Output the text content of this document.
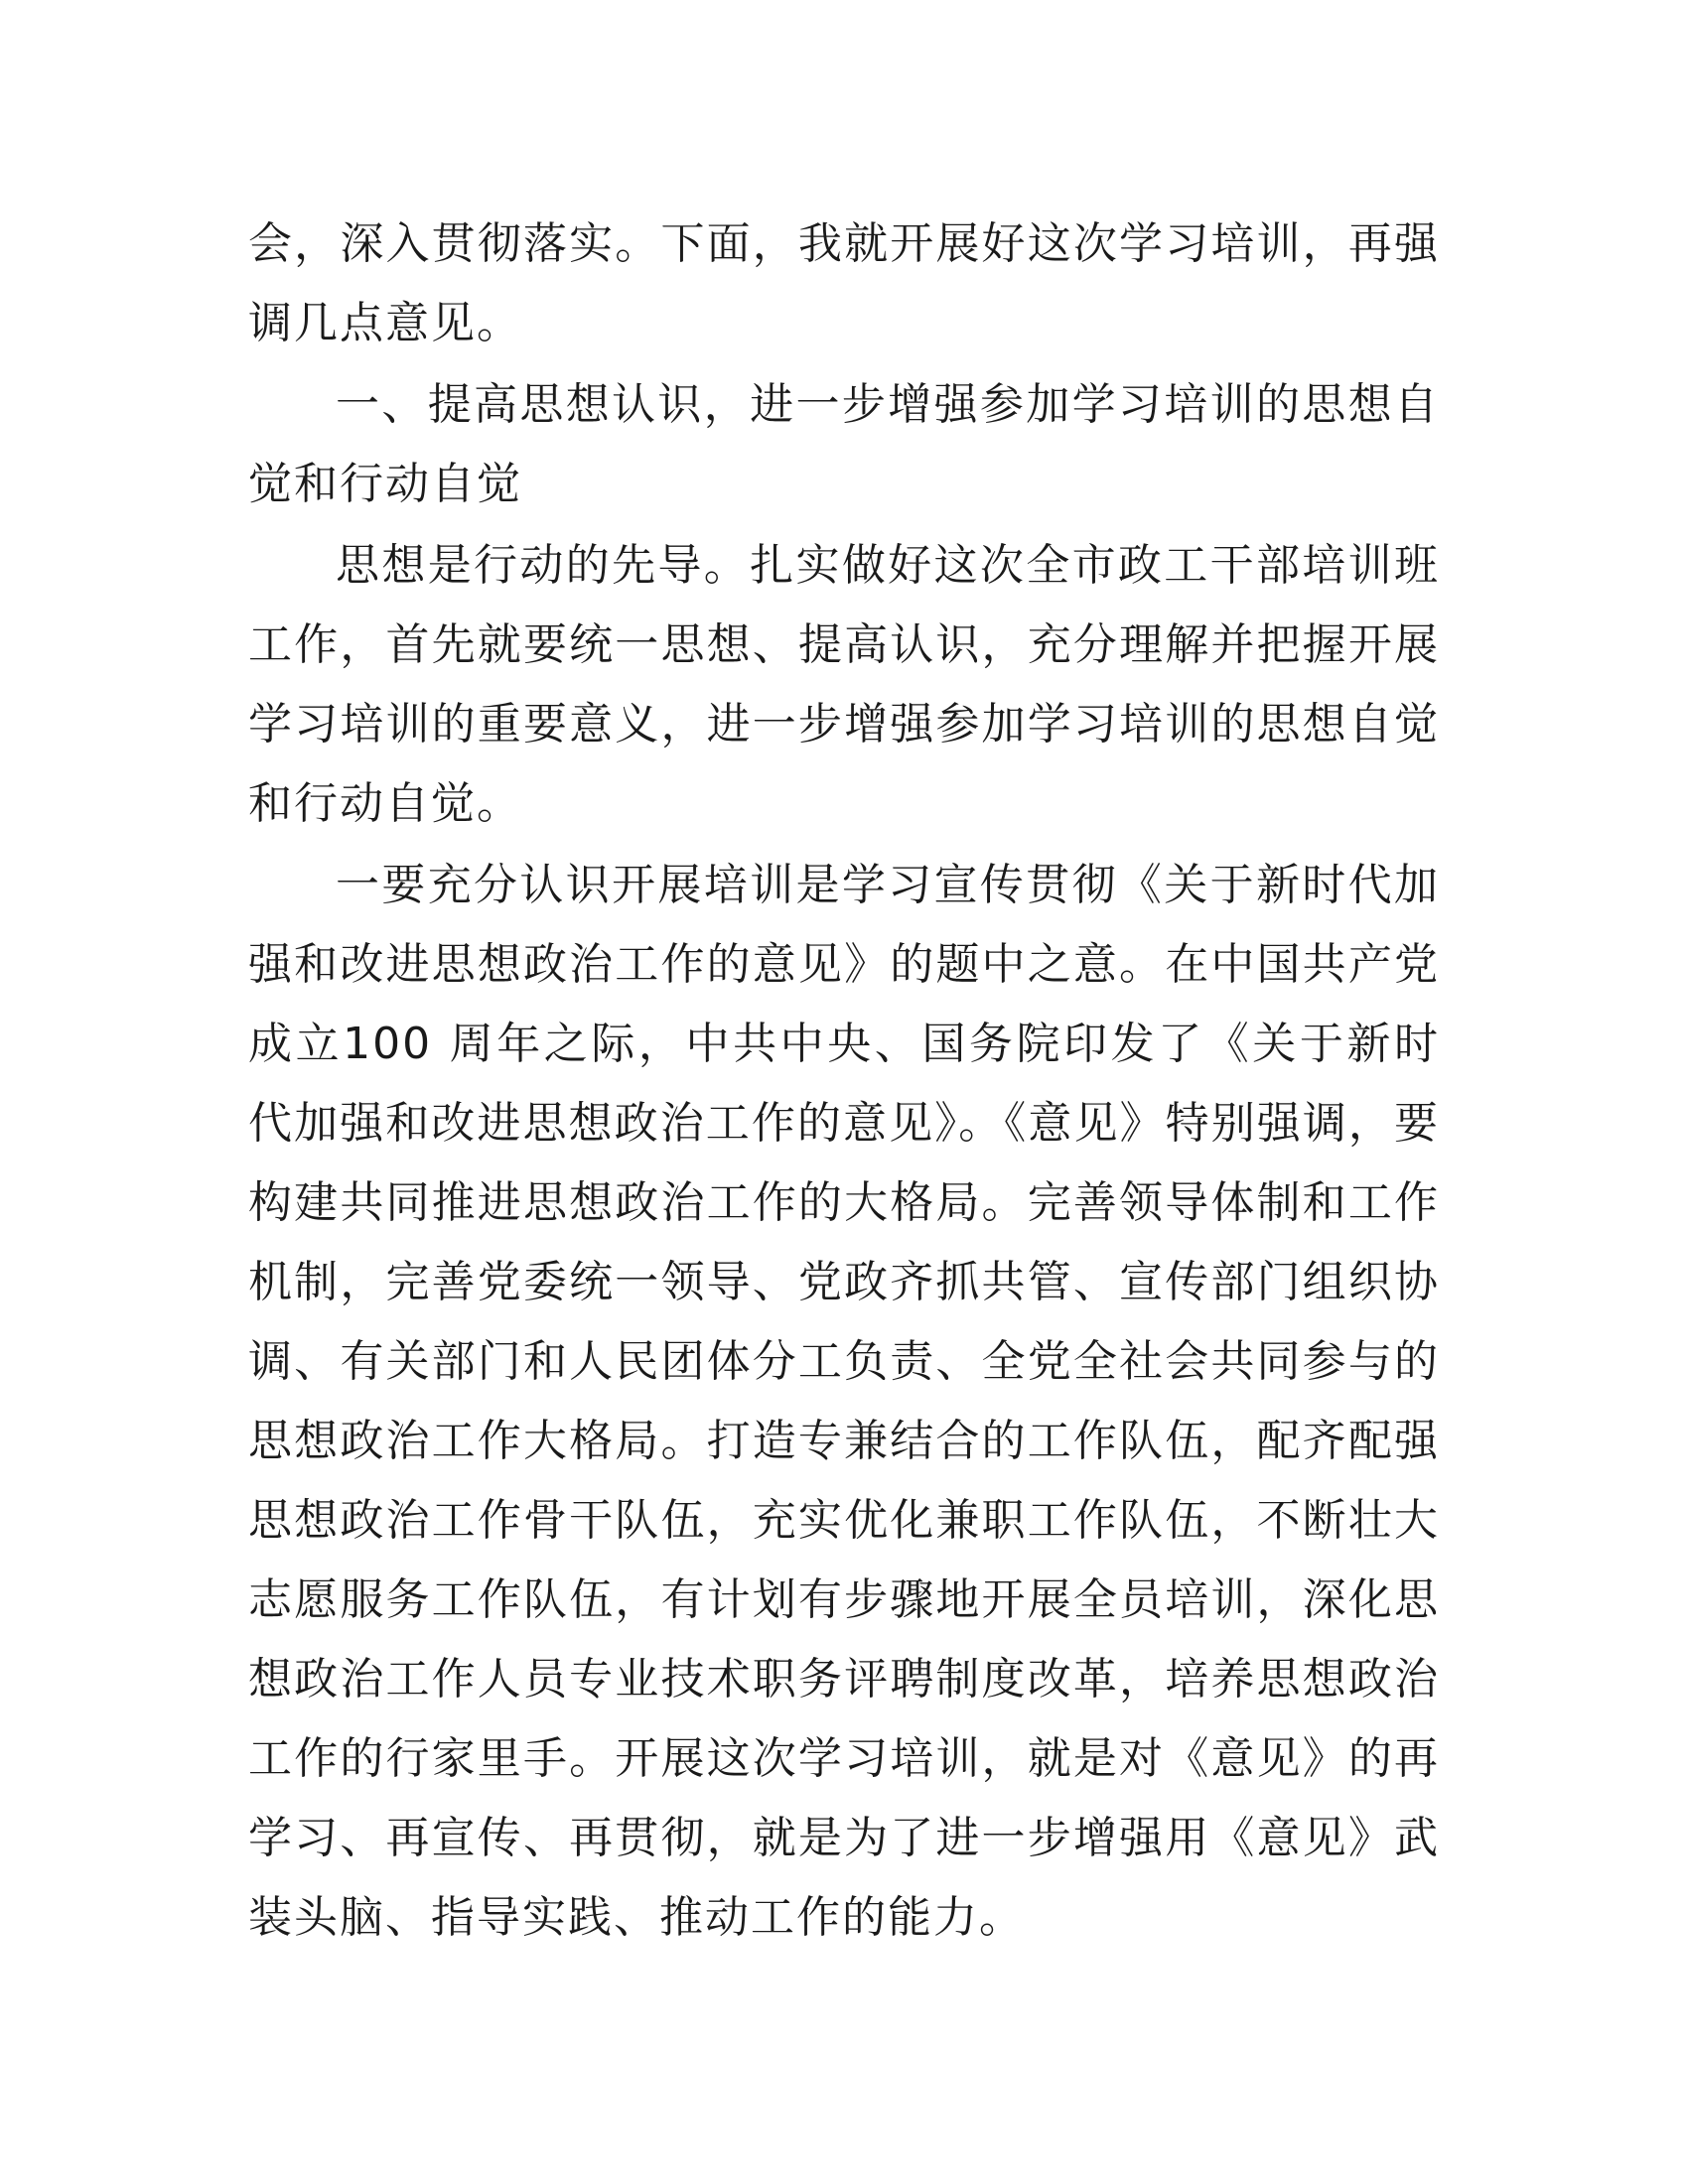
会，深入贯彻落实。下面，我就开展好这次学习培训，再强调几点意见。

一、提高思想认识，进一步增强参加学习培训的思想自觉和行动自觉

思想是行动的先导。扎实做好这次全市政工干部培训班工作，首先就要统一思想、提高认识，充分理解并把握开展学习培训的重要意义，进一步增强参加学习培训的思想自觉和行动自觉。

一要充分认识开展培训是学习宣传贯彻《关于新时代加强和改进思想政治工作的意见》的题中之意。在中国共产党成立100 周年之际，中共中央、国务院印发了《关于新时代加强和改进思想政治工作的意见》。《意见》特别强调，要构建共同推进思想政治工作的大格局。完善领导体制和工作机制，完善党委统一领导、党政齐抓共管、宣传部门组织协调、有关部门和人民团体分工负责、全党全社会共同参与的思想政治工作大格局。打造专兼结合的工作队伍，配齐配强思想政治工作骨干队伍，充实优化兼职工作队伍，不断壮大志愿服务工作队伍，有计划有步骤地开展全员培训，深化思想政治工作人员专业技术职务评聘制度改革，培养思想政治工作的行家里手。开展这次学习培训，就是对《意见》的再学习、再宣传、再贯彻，就是为了进一步增强用《意见》武装头脑、指导实践、推动工作的能力。
